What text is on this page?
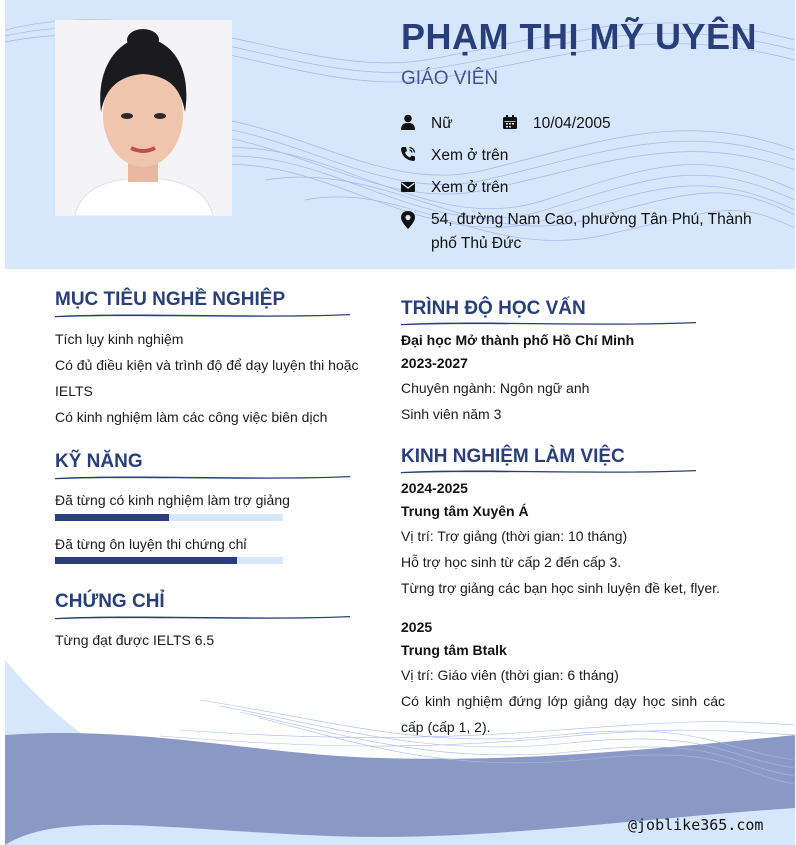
PHẠM THỊ MỸ UYÊN
GIÁO VIÊN
Nữ	10/04/2005
Xem ở trên
Xem ở trên
54, đường Nam Cao, phường Tân Phú, Thành
phố Thủ Đức
@joblike365.com
MỤC TIÊU NGHỀ NGHIỆP
Tích lụy kinh nghiệm
Có đủ điều kiện và trình độ để dạy luyện thi hoặc
IELTS
Có kinh nghiệm làm các công việc biên dịch
KỸ NĂNG
Đã từng có kinh nghiệm làm trợ giảng
Đã từng ôn luyện thi chứng chỉ
CHỨNG CHỈ
Từng đạt được IELTS 6.5
TRÌNH ĐỘ HỌC VẤN
Đại học Mở thành phố Hồ Chí Minh
2023-2027
Chuyên ngành: Ngôn ngữ anh
Sinh viên năm 3
KINH NGHIỆM LÀM VIỆC
2024-2025
Trung tâm Xuyên Á
Vị trí: Trợ giảng (thời gian: 10 tháng)
Hỗ trợ học sinh từ cấp 2 đến cấp 3.
Từng trợ giảng các bạn học sinh luyện đề ket, flyer.
2025
Trung tâm Btalk
Vị trí: Giáo viên (thời gian: 6 tháng)
Có kinh nghiệm đứng lớp giảng dạy học sinh các
cấp (cấp 1, 2).
